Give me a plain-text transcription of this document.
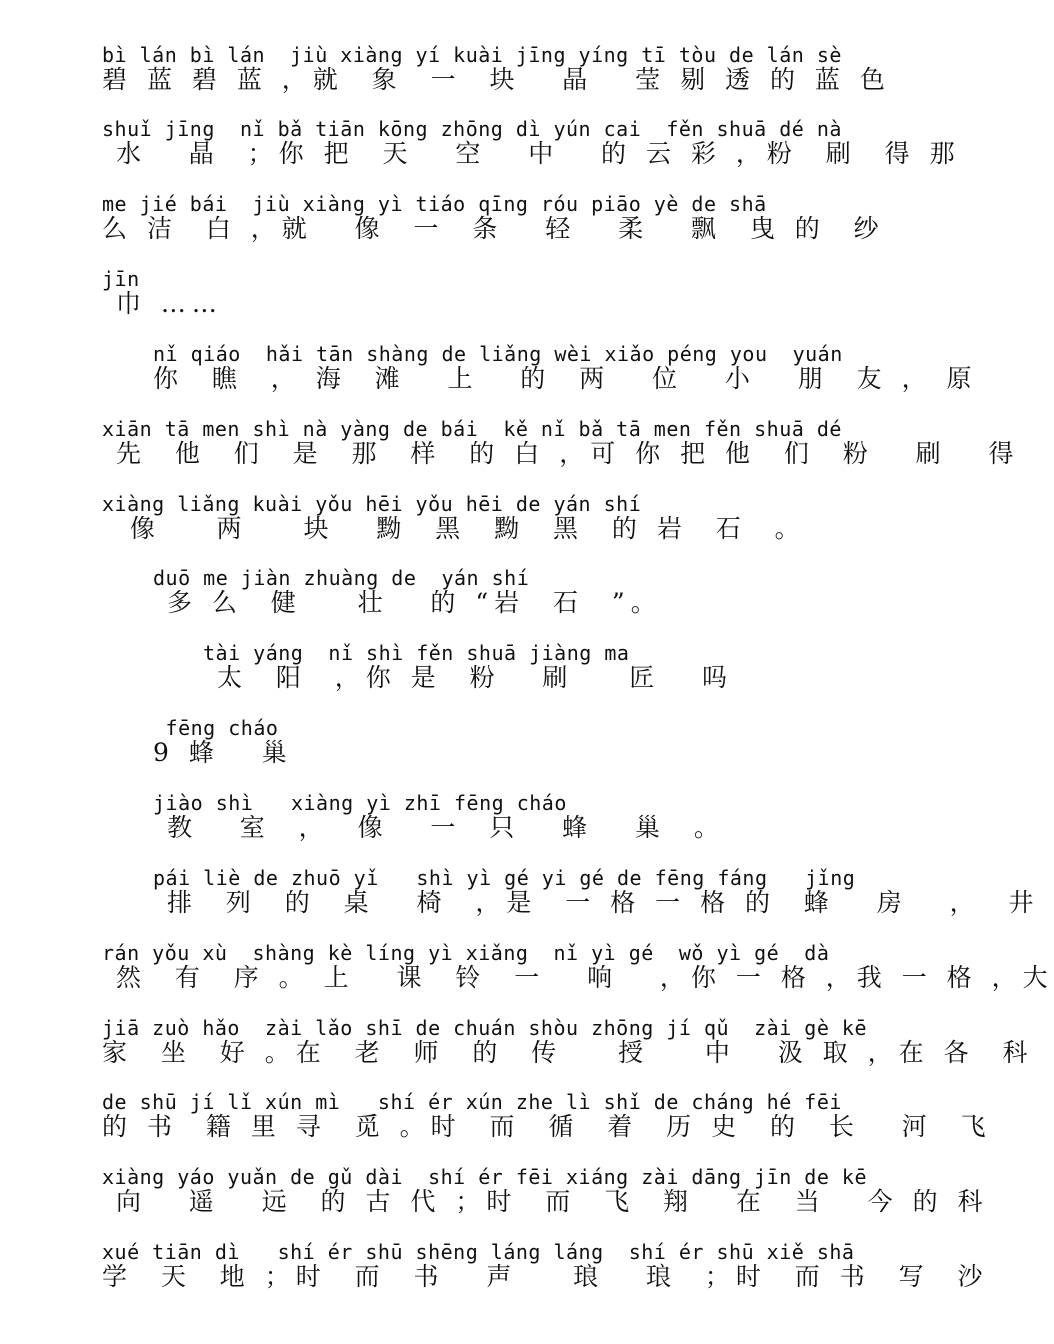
bì lán bì lán  jiù xiàng yí kuài jīng yíng tī tòu de lán sè
碧 蓝 碧 蓝 ，就  象  一  块   晶   莹 剔 透 的 蓝 色
shuǐ jīng  nǐ bǎ tiān kōng zhōng dì yún cai  fěn shuā dé nà
水   晶  ；你 把  天   空   中   的 云 彩 ，粉  刷  得 那
me jié bái  jiù xiàng yì tiáo qīng róu piāo yè de shā
么 洁  白 ，就   像  一  条   轻   柔   飘  曳 的  纱
jīn
巾 ……
nǐ qiáo  hǎi tān shàng de liǎng wèi xiǎo péng you  yuán
你  瞧  ， 海  滩   上   的  两   位   小   朋  友 ， 原
xiān tā men shì nà yàng de bái  kě nǐ bǎ tā men fěn shuā dé
先  他  们  是  那  样  的 白 ，可 你 把 他  们  粉   刷   得
xiàng liǎng kuài yǒu hēi yǒu hēi de yán shí
像    两    块   黝  黑  黝  黑  的 岩  石  。
duō me jiàn zhuàng de  yán shí
多 么  健    壮   的 “岩  石  ”。
tài yáng  nǐ shì fěn shuā jiàng ma
太  阳  ，你 是  粉   刷    匠   吗
fēng cháo
9 蜂   巢
jiào shì   xiàng yì zhī fēng cháo
教   室  ，  像   一  只   蜂   巢  。
pái liè de zhuō yǐ   shì yì gé yi gé de fēng fáng   jǐng
排  列  的  桌   椅  ，是  一 格 一 格 的  蜂   房   ，  井
rán yǒu xù  shàng kè líng yì xiǎng  nǐ yì gé  wǒ yì gé  dà
然  有  序 。 上   课  铃  一   响   ，你 一 格 ，我 一 格 ，大
jiā zuò hǎo  zài lǎo shī de chuán shòu zhōng jí qǔ  zài gè kē
家  坐  好 。在  老  师  的  传    授    中   汲 取 ，在 各  科
de shū jí lǐ xún mì   shí ér xún zhe lì shǐ de cháng hé fēi
的 书  籍 里 寻  觅 。时  而  循  着  历 史  的  长   河  飞
xiàng yáo yuǎn de gǔ dài  shí ér fēi xiáng zài dāng jīn de kē
向   遥   远  的 古 代 ；时  而  飞  翔   在  当   今 的 科
xué tiān dì   shí ér shū shēng láng láng  shí ér shū xiě shā
学  天  地 ；时  而  书   声    琅   琅  ；时  而 书  写  沙
